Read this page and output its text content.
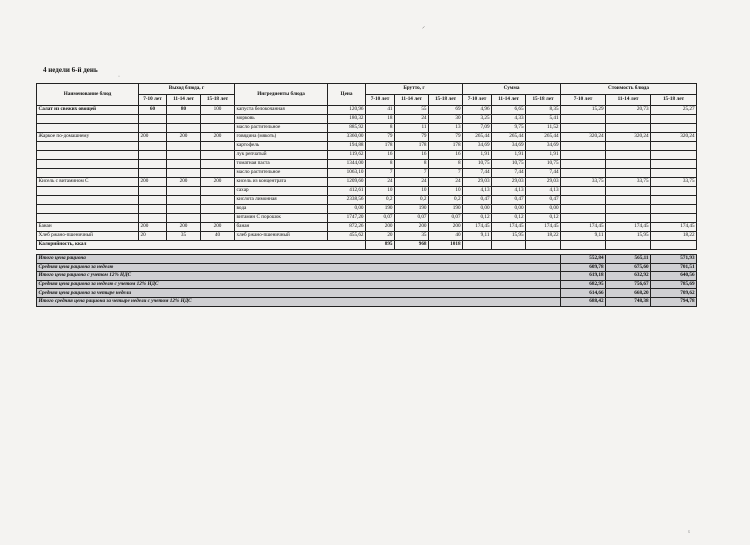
4 недели 6-й день
Наименование блюд	Выход блюда, г			Ингредиенты блюда	Цена	Брутто, г			Сумма			Стоимость блюда		
	7-10 лет	11-14 лет	15-18 лет			7-10 лет	11-14 лет	15-18 лет	7-10 лет	11-14 лет	15-18 лет	7-10 лет	11-14 лет	15-18 лет
Салат из свежих овощей	60	80	100	капуста белокочанная	120,96	41	55	69	4,96	6,65	8,35	15,29	20,73	25,27
				морковь	180,32	18	24	30	3,25	4,33	5,41			
				масло растительное	885,92	8	11	13	7,09	9,75	11,52			
Жаркое по-домашнему	200	200	200	говядина (мякоть)	3360,00	79	79	79	265,44	265,44	265,44	320,24	320,24	320,24
				картофель	194,88	178	178	178	34,69	34,69	34,69			
				лук репчатый	119,62	16	16	16	1,91	1,91	1,91			
				томатная паста	1344,00	8	8	8	10,75	10,75	10,75			
				масло растительное	1063,10	7	7	7	7,44	7,44	7,44			
Кисель с витамином С	200	200	200	кисель из концентрата	1209,60	24	24	24	29,03	29,03	29,03	33,75	33,75	33,75
				сахар	412,61	10	10	10	4,13	4,13	4,13			
				кислота лимонная	2338,56	0,2	0,2	0,2	0,47	0,47	0,47			
				вода	0,00	190	190	190	0,00	0,00	0,00			
				витамин С порошок	1747,20	0,07	0,07	0,07	0,12	0,12	0,12			
Банан	200	200	200	банан	872,26	200	200	200	174,45	174,45	174,45	174,45	174,45	174,45
Хлеб ржано-пшеничный	20	35	40	хлеб ржано-пшеничный	455,62	20	35	40	9,11	15,95	18,22	9,11	15,95	18,22
Калорийность, ккал						895	968	1018						

Итого цена рациона												552,84	565,11	571,93
Средняя цена рациона за неделю												609,78	675,60	701,51
Итого цена рациона с учетом 12% НДС												619,18	632,92	640,56
Средняя цена рациона за неделю с учетом 12% НДС												682,95	756,67	785,69
Средняя цена рациона за четыре недели												614,66	668,20	709,62
Итого средняя цена рациона за четыре недели с учетом 12% НДС												688,42	748,38	794,78
⸝
·
ᶾ
